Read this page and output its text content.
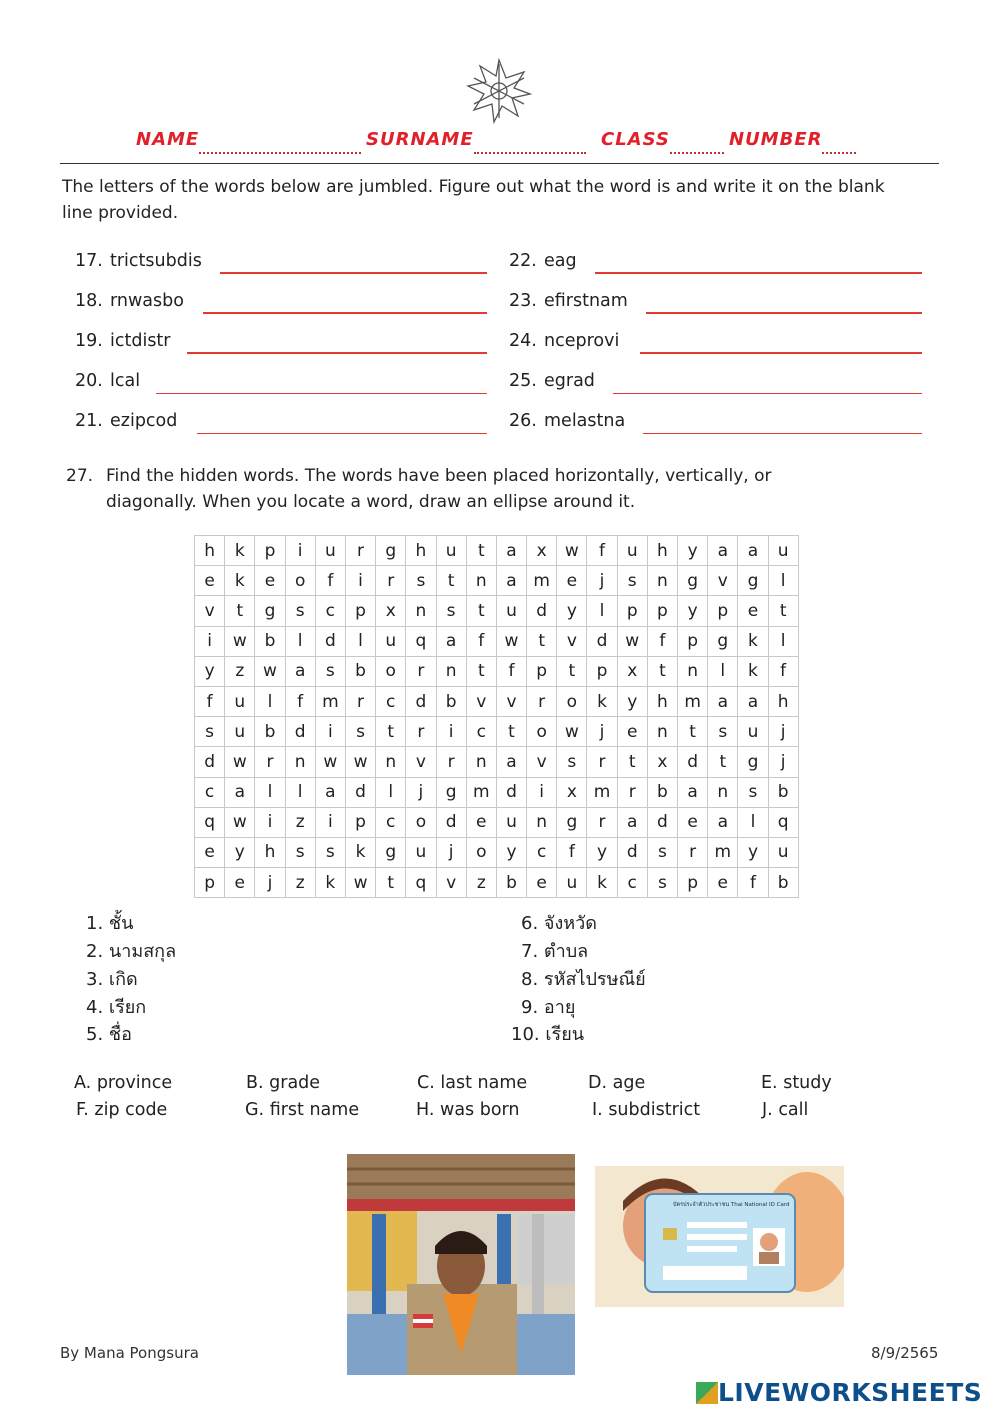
NAME	SURNAME	CLASS	NUMBER
The letters of the words below are jumbled. Figure out what the word is and write it on the blank line provided.
17. trictsubdis
18. rnwasbo
19. ictdistr
20. lcal
21. ezipcod
22. eag
23. efirstnam
24. nceprovi
25. egrad
26. melastna
27. Find the hidden words. The words have been placed horizontally, vertically, or diagonally. When you locate a word, draw an ellipse around it.
h	k	p	i	u	r	g	h	u	t	a	x	w	f	u	h	y	a	a	u
e	k	e	o	f	i	r	s	t	n	a	m	e	j	s	n	g	v	g	l
v	t	g	s	c	p	x	n	s	t	u	d	y	l	p	p	y	p	e	t
i	w	b	l	d	l	u	q	a	f	w	t	v	d	w	f	p	g	k	l
y	z	w	a	s	b	o	r	n	t	f	p	t	p	x	t	n	l	k	f
f	u	l	f	m	r	c	d	b	v	v	r	o	k	y	h	m	a	a	h
s	u	b	d	i	s	t	r	i	c	t	o	w	j	e	n	t	s	u	j
d	w	r	n	w	w	n	v	r	n	a	v	s	r	t	x	d	t	g	j
c	a	l	l	a	d	l	j	g	m	d	i	x	m	r	b	a	n	s	b
q	w	i	z	i	p	c	o	d	e	u	n	g	r	a	d	e	a	l	q
e	y	h	s	s	k	g	u	j	o	y	c	f	y	d	s	r	m	y	u
p	e	j	z	k	w	t	q	v	z	b	e	u	k	c	s	p	e	f	b
1. ชั้น
2. นามสกุล
3. เกิด
4. เรียก
5. ชื่อ
6. จังหวัด
7. ตำบล
8. รหัสไปรษณีย์
9. อายุ
10. เรียน
A. province	B. grade	C. last name	D. age	E. study
F. zip code	G. first name	H. was born	I. subdistrict	J. call
บัตรประจำตัวประชาชน Thai National ID Card
By Mana Pongsura	8/9/2565
LIVEWORKSHEETS
